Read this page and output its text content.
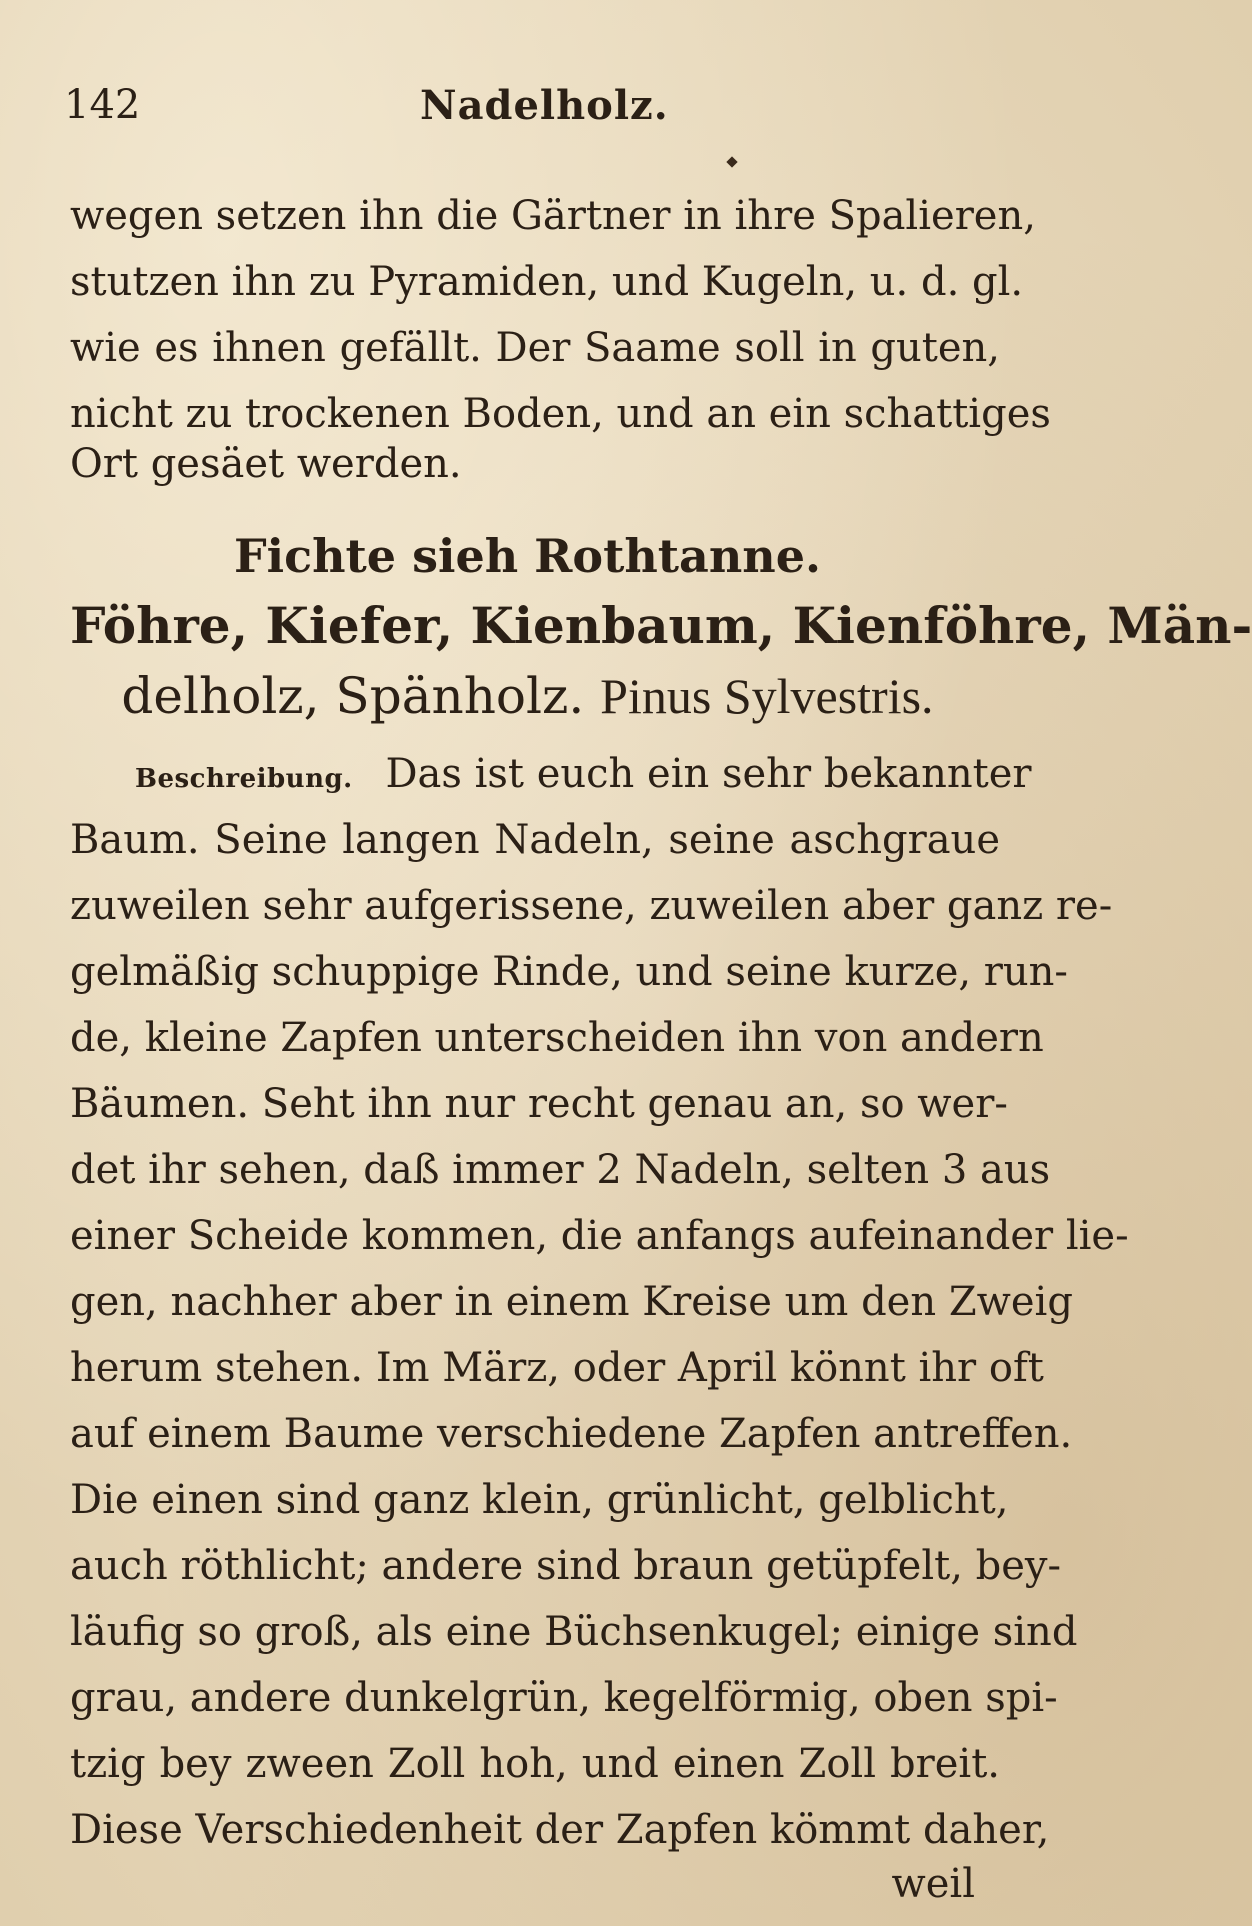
142	Nadelholz.
wegen setzen ihn die Gärtner in ihre Spalieren,
stutzen ihn zu Pyramiden, und Kugeln, u. d. gl.
wie es ihnen gefällt. Der Saame soll in guten,
nicht zu trockenen Boden, und an ein schattiges
Ort gesäet werden.
Fichte sieh Rothtanne.
Föhre, Kiefer, Kienbaum, Kienföhre, Män-
delholz, Spänholz. Pinus Sylvestris.
Beschreibung. Das ist euch ein sehr bekannter
Baum. Seine langen Nadeln, seine aschgraue
zuweilen sehr aufgerissene, zuweilen aber ganz re-
gelmäßig schuppige Rinde, und seine kurze, run-
de, kleine Zapfen unterscheiden ihn von andern
Bäumen. Seht ihn nur recht genau an, so wer-
det ihr sehen, daß immer 2 Nadeln, selten 3 aus
einer Scheide kommen, die anfangs aufeinander lie-
gen, nachher aber in einem Kreise um den Zweig
herum stehen. Im März, oder April könnt ihr oft
auf einem Baume verschiedene Zapfen antreffen.
Die einen sind ganz klein, grünlicht, gelblicht,
auch röthlicht; andere sind braun getüpfelt, bey-
läufig so groß, als eine Büchsenkugel; einige sind
grau, andere dunkelgrün, kegelförmig, oben spi-
tzig bey zween Zoll hoh, und einen Zoll breit.
Diese Verschiedenheit der Zapfen kömmt daher,
weil
